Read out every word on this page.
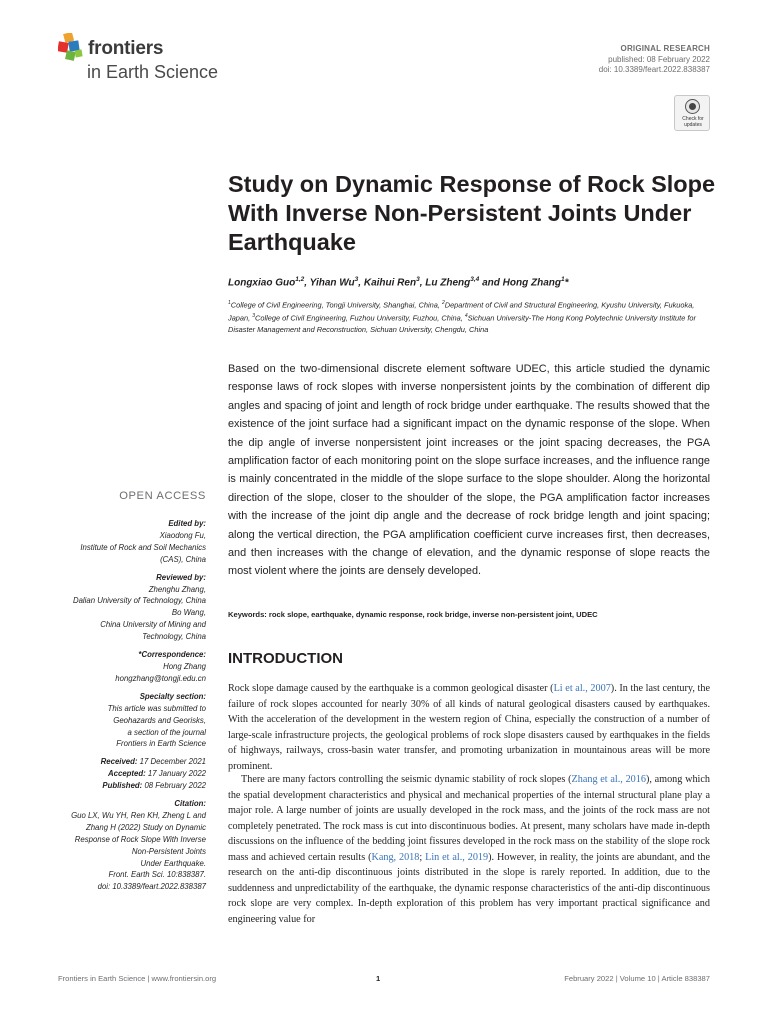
frontiers
in Earth Science
ORIGINAL RESEARCH
published: 08 February 2022
doi: 10.3389/feart.2022.838387
Check for
updates
Study on Dynamic Response of Rock Slope With Inverse Non-Persistent Joints Under Earthquake
Longxiao Guo$^{1,2}$, Yihan Wu$^3$, Kaihui Ren$^3$, Lu Zheng$^{3,4}$ and Hong Zhang$^1$*
$^1$College of Civil Engineering, Tongji University, Shanghai, China, $^2$Department of Civil and Structural Engineering, Kyushu University, Fukuoka, Japan, $^3$College of Civil Engineering, Fuzhou University, Fuzhou, China, $^4$Sichuan University-The Hong Kong Polytechnic University Institute for Disaster Management and Reconstruction, Sichuan University, Chengdu, China
Based on the two-dimensional discrete element software UDEC, this article studied the dynamic response laws of rock slopes with inverse nonpersistent joints by the combination of different dip angles and spacing of joint and length of rock bridge under earthquake. The results showed that the existence of the joint surface had a significant impact on the dynamic response of the slope. When the dip angle of inverse nonpersistent joint increases or the joint spacing decreases, the PGA amplification factor of each monitoring point on the slope surface increases, and the influence range is mainly concentrated in the middle of the slope surface to the slope shoulder. Along the horizontal direction of the slope, closer to the shoulder of the slope, the PGA amplification factor increases with the increase of the joint dip angle and the decrease of rock bridge length and joint spacing; along the vertical direction, the PGA amplification coefficient curve increases first, then decreases, and then increases with the change of elevation, and the dynamic response of slope reacts the most violent where the joints are densely developed.
Keywords: rock slope, earthquake, dynamic response, rock bridge, inverse non-persistent joint, UDEC
INTRODUCTION
Rock slope damage caused by the earthquake is a common geological disaster (Li et al., 2007). In the last century, the failure of rock slopes accounted for nearly 30% of all kinds of natural geological disasters caused by earthquakes. With the acceleration of the development in the western region of China, especially the construction of a number of large-scale infrastructure projects, the geological problems of rock slope disasters caused by earthquakes in the fields of highways, railways, cross-basin water transfer, and promoting urbanization in mountainous areas will be more prominent.
There are many factors controlling the seismic dynamic stability of rock slopes (Zhang et al., 2016), among which the spatial development characteristics and physical and mechanical properties of the internal structural plane play a major role. A large number of joints are usually developed in the rock mass, and the joints of the rock mass are not completely penetrated. The rock mass is cut into discontinuous bodies. At present, many scholars have made in-depth discussions on the influence of the bedding joint fissures developed in the rock mass on the stability of the slope rock mass and achieved certain results (Kang, 2018; Lin et al., 2019). However, in reality, the joints are abundant, and the research on the anti-dip discontinuous joints distributed in the slope is rarely reported. In addition, due to the suddenness and unpredictability of the earthquake, the dynamic response characteristics of the anti-dip discontinuous rock slope are very complex. In-depth exploration of this problem has very important practical significance and engineering value for
OPEN ACCESS
Edited by:
Xiaodong Fu,
Institute of Rock and Soil Mechanics
(CAS), China
Reviewed by:
Zhenghu Zhang,
Dalian University of Technology, China
Bo Wang,
China University of Mining and
Technology, China
*Correspondence:
Hong Zhang
hongzhang@tongji.edu.cn
Specialty section:
This article was submitted to
Geohazards and Georisks,
a section of the journal
Frontiers in Earth Science
Received: 17 December 2021
Accepted: 17 January 2022
Published: 08 February 2022
Citation:
Guo LX, Wu YH, Ren KH, Zheng L and
Zhang H (2022) Study on Dynamic
Response of Rock Slope With Inverse
Non-Persistent Joints
Under Earthquake.
Front. Earth Sci. 10:838387.
doi: 10.3389/feart.2022.838387
Frontiers in Earth Science | www.frontiersin.org	1	February 2022 | Volume 10 | Article 838387
